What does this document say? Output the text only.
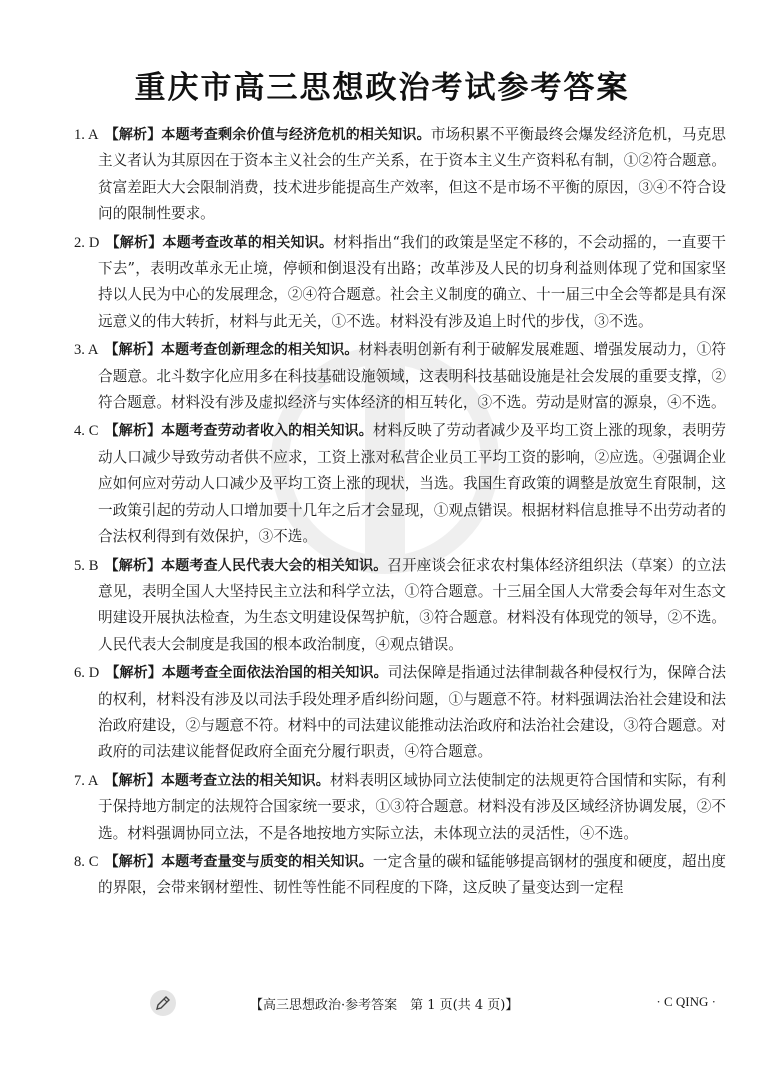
重庆市高三思想政治考试参考答案
1. A 【解析】本题考查剩余价值与经济危机的相关知识。市场积累不平衡最终会爆发经济危机，马克思主义者认为其原因在于资本主义社会的生产关系，在于资本主义生产资料私有制，①②符合题意。贫富差距大大会限制消费，技术进步能提高生产效率，但这不是市场不平衡的原因，③④不符合设问的限制性要求。
2. D 【解析】本题考查改革的相关知识。材料指出“我们的政策是坚定不移的，不会动摇的，一直要干下去”，表明改革永无止境，停顿和倒退没有出路；改革涉及人民的切身利益则体现了党和国家坚持以人民为中心的发展理念，②④符合题意。社会主义制度的确立、十一届三中全会等都是具有深远意义的伟大转折，材料与此无关，①不选。材料没有涉及追上时代的步伐，③不选。
3. A 【解析】本题考查创新理念的相关知识。材料表明创新有利于破解发展难题、增强发展动力，①符合题意。北斗数字化应用多在科技基础设施领域，这表明科技基础设施是社会发展的重要支撑，②符合题意。材料没有涉及虚拟经济与实体经济的相互转化，③不选。劳动是财富的源泉，④不选。
4. C 【解析】本题考查劳动者收入的相关知识。材料反映了劳动者减少及平均工资上涨的现象，表明劳动人口减少导致劳动者供不应求，工资上涨对私营企业员工平均工资的影响，②应选。④强调企业应如何应对劳动人口减少及平均工资上涨的现状，当选。我国生育政策的调整是放宽生育限制，这一政策引起的劳动人口增加要十几年之后才会显现，①观点错误。根据材料信息推导不出劳动者的合法权利得到有效保护，③不选。
5. B 【解析】本题考查人民代表大会的相关知识。召开座谈会征求农村集体经济组织法（草案）的立法意见，表明全国人大坚持民主立法和科学立法，①符合题意。十三届全国人大常委会每年对生态文明建设开展执法检查，为生态文明建设保驾护航，③符合题意。材料没有体现党的领导，②不选。人民代表大会制度是我国的根本政治制度，④观点错误。
6. D 【解析】本题考查全面依法治国的相关知识。司法保障是指通过法律制裁各种侵权行为，保障合法的权利，材料没有涉及以司法手段处理矛盾纠纷问题，①与题意不符。材料强调法治社会建设和法治政府建设，②与题意不符。材料中的司法建议能推动法治政府和法治社会建设，③符合题意。对政府的司法建议能督促政府全面充分履行职责，④符合题意。
7. A 【解析】本题考查立法的相关知识。材料表明区域协同立法使制定的法规更符合国情和实际，有利于保持地方制定的法规符合国家统一要求，①③符合题意。材料没有涉及区域经济协调发展，②不选。材料强调协同立法，不是各地按地方实际立法，未体现立法的灵活性，④不选。
8. C 【解析】本题考查量变与质变的相关知识。一定含量的碳和锰能够提高钢材的强度和硬度，超出度的界限，会带来钢材塑性、韧性等性能不同程度的下降，这反映了量变达到一定程
【高三思想政治·参考答案　第 1 页(共 4 页)】	· C QING ·
